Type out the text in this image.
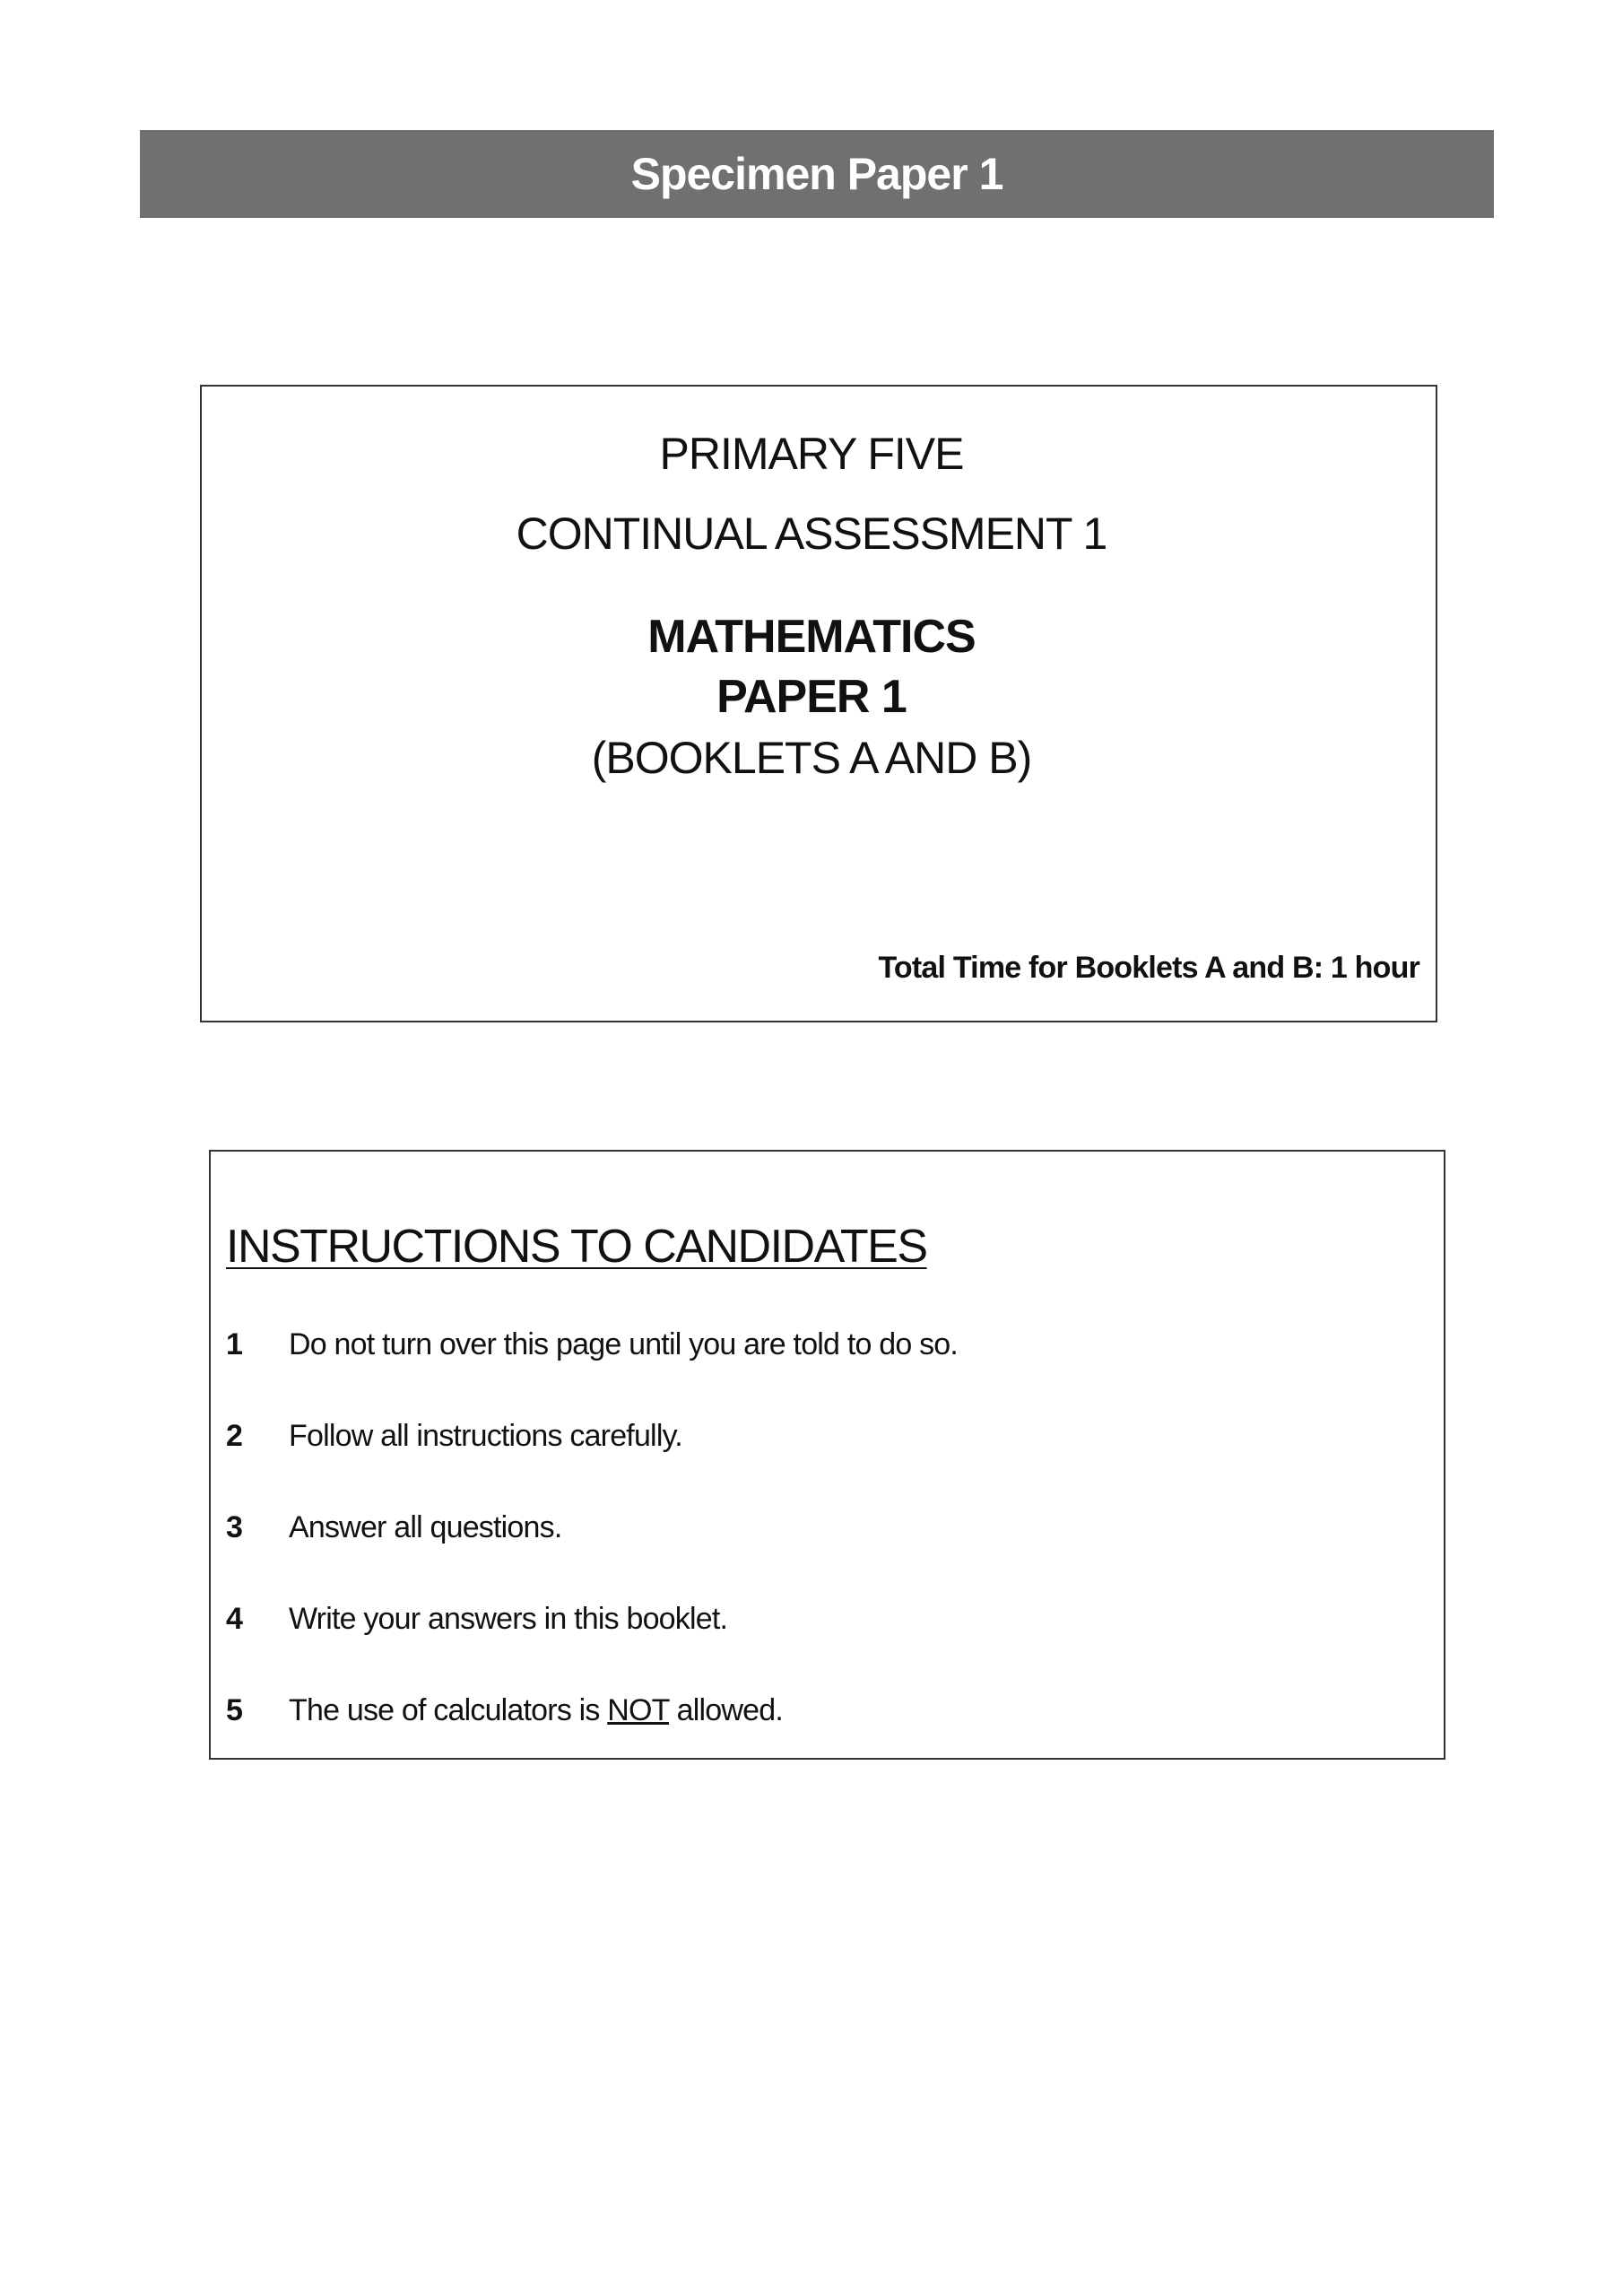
Specimen Paper 1
PRIMARY FIVE
CONTINUAL ASSESSMENT 1
MATHEMATICS
PAPER 1
(BOOKLETS A AND B)
Total Time for Booklets A and B: 1 hour
INSTRUCTIONS TO CANDIDATES
1	Do not turn over this page until you are told to do so.
2	Follow all instructions carefully.
3	Answer all questions.
4	Write your answers in this booklet.
5	The use of calculators is NOT allowed.
